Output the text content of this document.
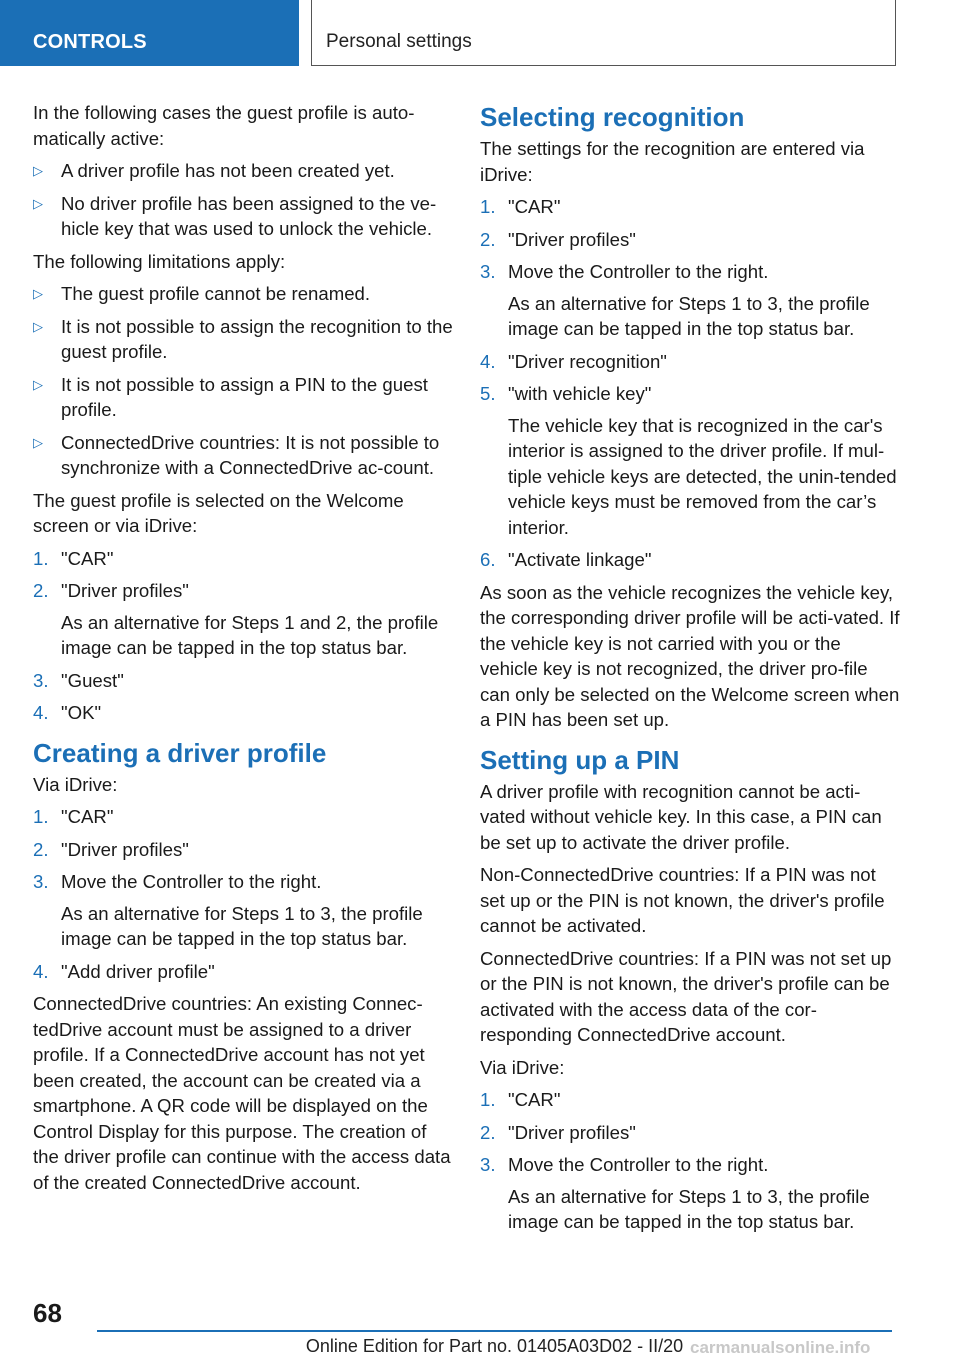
CONTROLS	Personal settings

In the following cases the guest profile is auto-matically active:

▷ A driver profile has not been created yet.
▷ No driver profile has been assigned to the ve-hicle key that was used to unlock the vehicle.

The following limitations apply:

▷ The guest profile cannot be renamed.
▷ It is not possible to assign the recognition to the guest profile.
▷ It is not possible to assign a PIN to the guest profile.
▷ ConnectedDrive countries: It is not possible to synchronize with a ConnectedDrive ac-count.

The guest profile is selected on the Welcome screen or via iDrive:

1. "CAR"
2. "Driver profiles"
As an alternative for Steps 1 and 2, the profile image can be tapped in the top status bar.
3. "Guest"
4. "OK"
Creating a driver profile

Via iDrive:

1. "CAR"
2. "Driver profiles"
3. Move the Controller to the right.
As an alternative for Steps 1 to 3, the profile image can be tapped in the top status bar.
4. "Add driver profile"

ConnectedDrive countries: An existing Connec-tedDrive account must be assigned to a driver profile. If a ConnectedDrive account has not yet been created, the account can be created via a smartphone. A QR code will be displayed on the Control Display for this purpose. The creation of the driver profile can continue with the access data of the created ConnectedDrive account.

Selecting recognition

The settings for the recognition are entered via iDrive:

1. "CAR"
2. "Driver profiles"
3. Move the Controller to the right.
As an alternative for Steps 1 to 3, the profile image can be tapped in the top status bar.
4. "Driver recognition"
5. "with vehicle key"
The vehicle key that is recognized in the car's interior is assigned to the driver profile. If mul-tiple vehicle keys are detected, the unin-tended vehicle keys must be removed from the car’s interior.
6. "Activate linkage"

As soon as the vehicle recognizes the vehicle key, the corresponding driver profile will be acti-vated. If the vehicle key is not carried with you or the vehicle key is not recognized, the driver pro-file can only be selected on the Welcome screen when a PIN has been set up.

Setting up a PIN

A driver profile with recognition cannot be acti-vated without vehicle key. In this case, a PIN can be set up to activate the driver profile.

Non-ConnectedDrive countries: If a PIN was not set up or the PIN is not known, the driver's profile cannot be activated.

ConnectedDrive countries: If a PIN was not set up or the PIN is not known, the driver's profile can be activated with the access data of the cor-responding ConnectedDrive account.

Via iDrive:

1. "CAR"
2. "Driver profiles"
3. Move the Controller to the right.
As an alternative for Steps 1 to 3, the profile image can be tapped in the top status bar.
68
Online Edition for Part no. 01405A03D02 - II/20 carmanualsonline.info
